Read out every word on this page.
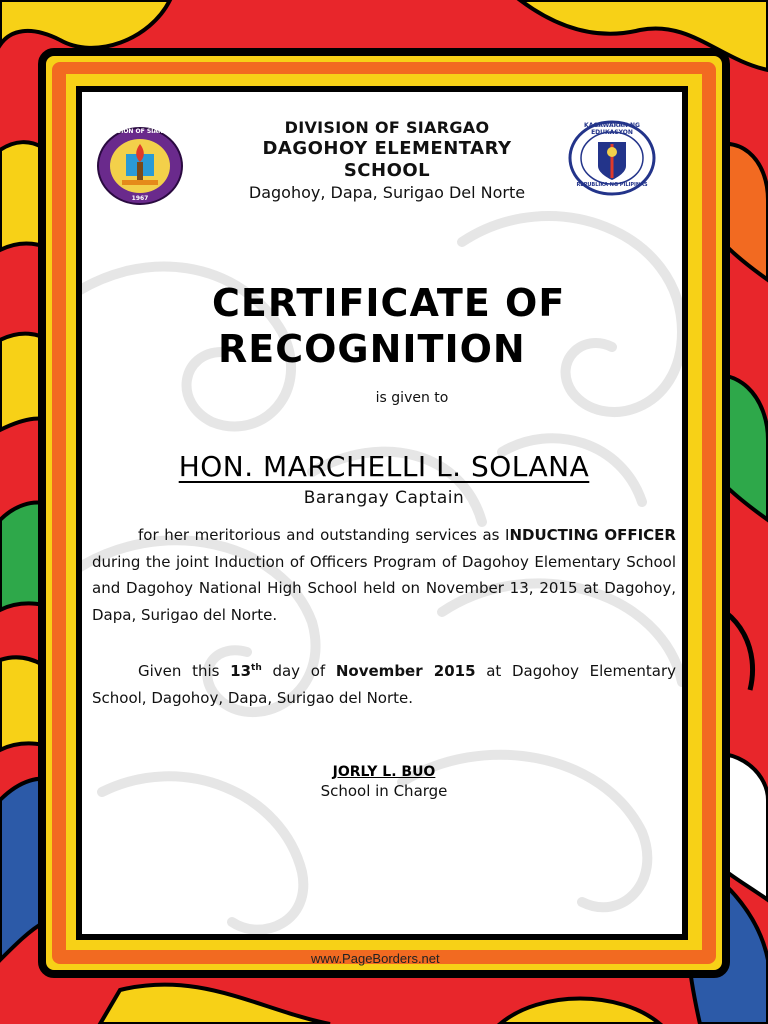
DIVISION OF SIARGAO
1967
KAGAWARAN NG EDUKASYON
REPUBLIKA NG PILIPINAS
DIVISION OF SIARGAO
DAGOHOY ELEMENTARY
SCHOOL
Dagohoy, Dapa, Surigao Del Norte
CERTIFICATE OF
RECOGNITION
is given to
HON. MARCHELLI L. SOLANA
Barangay Captain
for her meritorious and outstanding services as INDUCTING OFFICER during the joint Induction of Officers Program of Dagohoy Elementary School and Dagohoy National High School held on November 13, 2015 at Dagohoy, Dapa, Surigao del Norte.
Given this 13th day of November 2015 at Dagohoy Elementary School, Dagohoy, Dapa, Surigao del Norte.
JORLY L. BUO
School in Charge
www.PageBorders.net
